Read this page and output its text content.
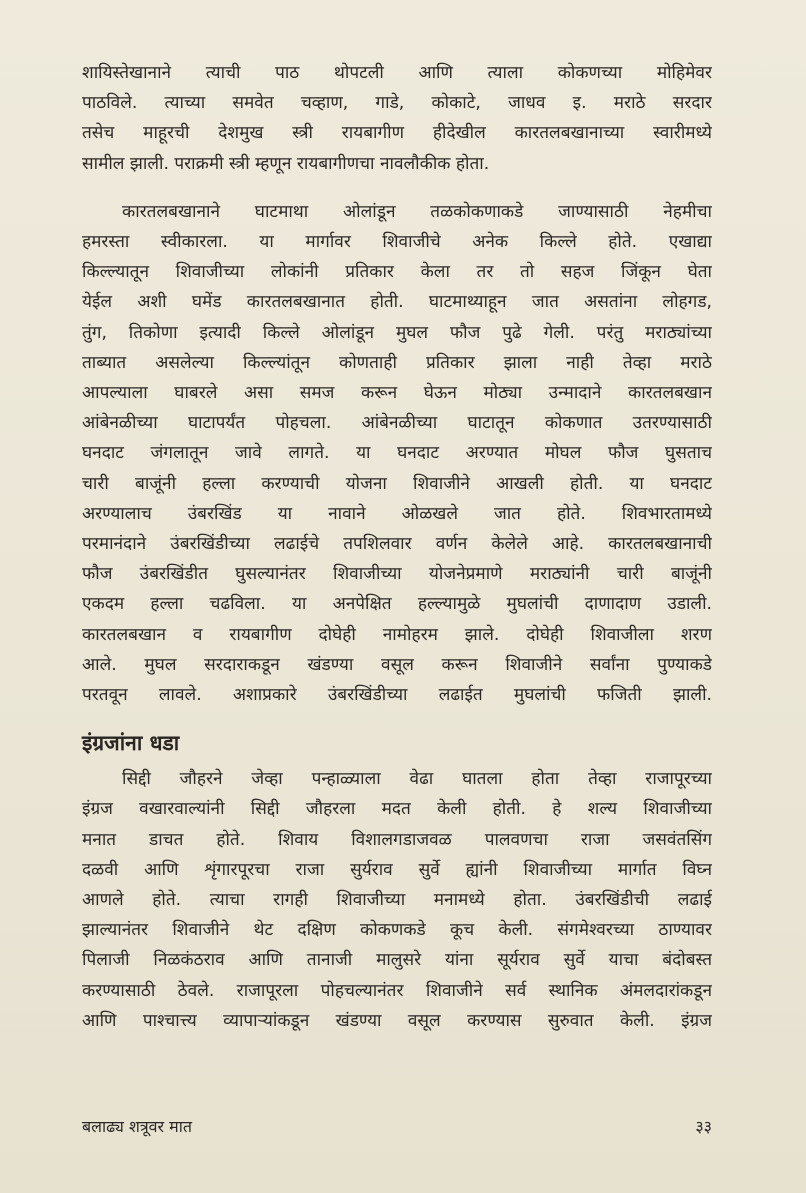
शायिस्तेखानाने त्याची पाठ थोपटली आणि त्याला कोकणच्या मोहिमेवर
पाठविले. त्याच्या समवेत चव्हाण, गाडे, कोकाटे, जाधव इ. मराठे सरदार
तसेच माहूरची देशमुख स्त्री रायबागीण हीदेखील कारतलबखानाच्या स्वारीमध्ये
सामील झाली. पराक्रमी स्त्री म्हणून रायबागीणचा नावलौकीक होता.
कारतलबखानाने घाटमाथा ओलांडून तळकोकणाकडे जाण्यासाठी नेहमीचा
हमरस्ता स्वीकारला. या मार्गावर शिवाजीचे अनेक किल्ले होते. एखाद्या
किल्ल्यातून शिवाजीच्या लोकांनी प्रतिकार केला तर तो सहज जिंकून घेता
येईल अशी घमेंड कारतलबखानात होती. घाटमाथ्याहून जात असतांना लोहगड,
तुंग, तिकोणा इत्यादी किल्ले ओलांडून मुघल फौज पुढे गेली. परंतु मराठ्यांच्या
ताब्यात असलेल्या किल्ल्यांतून कोणताही प्रतिकार झाला नाही तेव्हा मराठे
आपल्याला घाबरले असा समज करून घेऊन मोठ्या उन्मादाने कारतलबखान
आंबेनळीच्या घाटापर्यंत पोहचला. आंबेनळीच्या घाटातून कोकणात उतरण्यासाठी
घनदाट जंगलातून जावे लागते. या घनदाट अरण्यात मोघल फौज घुसताच
चारी बाजूंनी हल्ला करण्याची योजना शिवाजीने आखली होती. या घनदाट
अरण्यालाच उंबरखिंड या नावाने ओळखले जात होते. शिवभारतामध्ये
परमानंदाने उंबरखिंडीच्या लढाईचे तपशिलवार वर्णन केलेले आहे. कारतलबखानाची
फौज उंबरखिंडीत घुसल्यानंतर शिवाजीच्या योजनेप्रमाणे मराठ्यांनी चारी बाजूंनी
एकदम हल्ला चढविला. या अनपेक्षित हल्ल्यामुळे मुघलांची दाणादाण उडाली.
कारतलबखान व रायबागीण दोघेही नामोहरम झाले. दोघेही शिवाजीला शरण
आले. मुघल सरदाराकडून खंडण्या वसूल करून शिवाजीने सर्वांना पुण्याकडे
परतवून लावले. अशाप्रकारे उंबरखिंडीच्या लढाईत मुघलांची फजिती झाली.
इंग्रजांना धडा
सिद्दी जौहरने जेव्हा पन्हाळ्याला वेढा घातला होता तेव्हा राजापूरच्या
इंग्रज वखारवाल्यांनी सिद्दी जौहरला मदत केली होती. हे शल्य शिवाजीच्या
मनात डाचत होते. शिवाय विशालगडाजवळ पालवणचा राजा जसवंतसिंग
दळवी आणि शृंगारपूरचा राजा सुर्यराव सुर्वे ह्यांनी शिवाजीच्या मार्गात विघ्न
आणले होते. त्याचा रागही शिवाजीच्या मनामध्ये होता. उंबरखिंडीची लढाई
झाल्यानंतर शिवाजीने थेट दक्षिण कोकणकडे कूच केली. संगमेश्वरच्या ठाण्यावर
पिलाजी निळकंठराव आणि तानाजी मालुसरे यांना सूर्यराव सुर्वे याचा बंदोबस्त
करण्यासाठी ठेवले. राजापूरला पोहचल्यानंतर शिवाजीने सर्व स्थानिक अंमलदारांकडून
आणि पाश्चात्त्य व्यापाऱ्यांकडून खंडण्या वसूल करण्यास सुरुवात केली. इंग्रज
बलाढ्य शत्रूवर मात	३३
